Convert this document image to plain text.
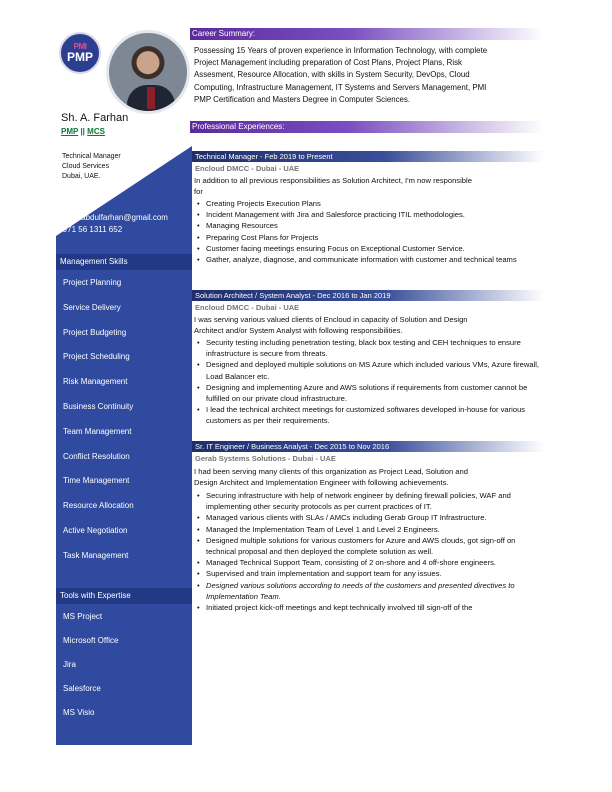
PMI
PMP
Sh. A. Farhan
PMP || MCS
Technical Manager
Cloud Services
Dubai, UAE.
sheikhabdulfarhan@gmail.com
+971 56 1311 652
Management Skills
Project Planning
Service Delivery
Project Budgeting
Project Scheduling
Risk Management
Business Continuity
Team Management
Conflict Resolution
Time Management
Resource Allocation
Active Negotiation
Task Management
Tools with Expertise
MS Project
Microsoft Office
Jira
Salesforce
MS Visio
Career Summary:
Possessing 15 Years of proven experience in Information Technology, with complete
Project Management including preparation of Cost Plans, Project Plans, Risk
Assesment, Resource Allocation, with skills in System Security, DevOps, Cloud
Computing, Infrastructure Management, IT Systems and Servers Management, PMI
PMP Certification and Masters Degree in Computer Sciences.
Professional Experiences:
Technical Manager - Feb 2019 to Present
Encloud DMCC - Dubai - UAE
In addition to all previous responsibilities as Solution Architect, I'm now responsible
for
• Creating Projects Execution Plans
• Incident Management with Jira and Salesforce practicing ITIL methodologies.
• Managing Resources
• Preparing Cost Plans for Projects
• Customer facing meetings ensuring Focus on Exceptional Customer Service.
• Gather, analyze, diagnose, and communicate information with customer and technical teams
Solution Architect / System Analyst - Dec 2016 to Jan 2019
Encloud DMCC - Dubai - UAE
I was serving various valued clients of Encloud in capacity of Solution and Design
Architect and/or System Analyst with following responsibilities.
• Security testing including penetration testing, black box testing and CEH techniques to ensure infrastructure is secure from threats.
• Designed and deployed multiple solutions on MS Azure which included various VMs, Azure firewall, Load Balancer etc.
• Designing and implementing Azure and AWS solutions if requirements from customer cannot be fulfilled on our private cloud infrastructure.
• I lead the technical architect meetings for customized softwares developed in-house for various customers as per their requirements.
Sr. IT Engineer / Business Analyst - Dec 2015 to Nov 2016
Gerab Systems Solutions - Dubai - UAE
I had been serving many clients of this organization as Project Lead, Solution and
Design Architect and Implementation Engineer with following achievements.
• Securing infrastructure with help of network engineer by defining firewall policies, WAF and implementing other security protocols as per current practices of IT.
• Managed various clients with SLAs / AMCs including Gerab Group IT Infrastructure.
• Managed the Implementation Team of Level 1 and Level 2 Engineers.
• Designed multiple solutions for various customers for Azure and AWS clouds, got sign-off on technical proposal and then deployed the complete solution as well.
• Managed Technical Support Team, consisting of 2 on-shore and 4 off-shore engineers.
• Supervised and train implementation and support team for any issues.
• Designed various solutions according to needs of the customers and presented directives to Implementation Team.
• Initiated project kick-off meetings and kept technically involved till sign-off of the
